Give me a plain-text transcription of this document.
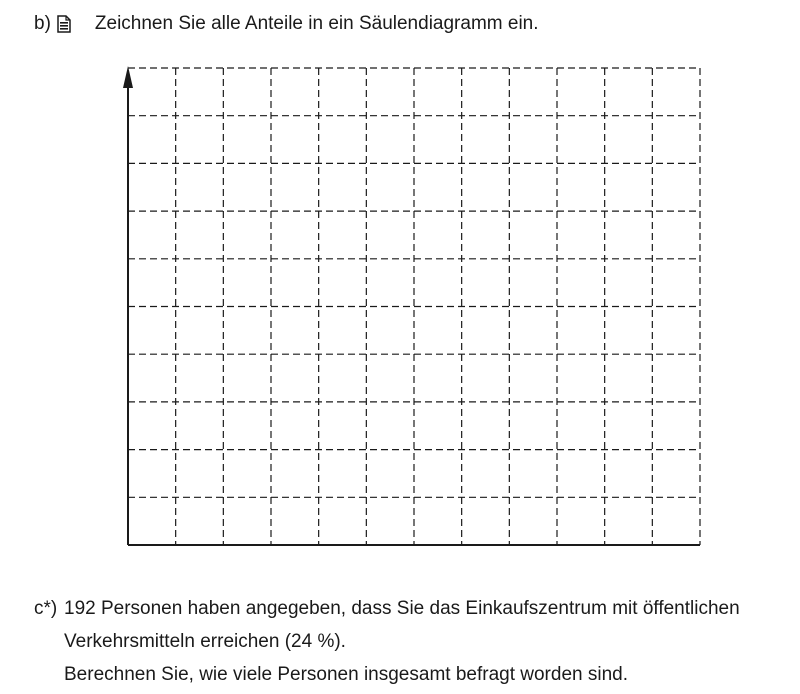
b) Zeichnen Sie alle Anteile in ein Säulendiagramm ein.
c*) 192 Personen haben angegeben, dass Sie das Einkaufszentrum mit öffentlichen
Verkehrsmitteln erreichen (24 %).
Berechnen Sie, wie viele Personen insgesamt befragt worden sind.
